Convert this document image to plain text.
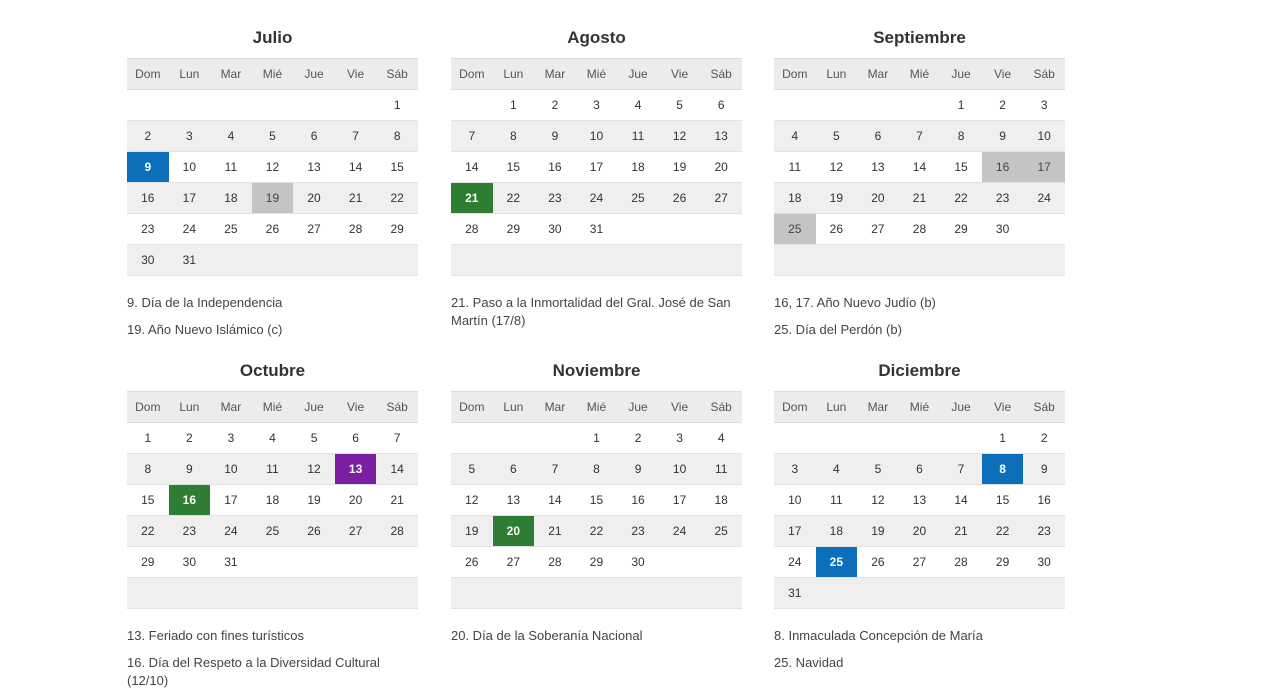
Julio
Dom	Lun	Mar	Mié	Jue	Vie	Sáb
						1
2	3	4	5	6	7	8
9	10	11	12	13	14	15
16	17	18	19	20	21	22
23	24	25	26	27	28	29
30	31					
9. Día de la Independencia
19. Año Nuevo Islámico (c)
Agosto
Dom	Lun	Mar	Mié	Jue	Vie	Sáb
	1	2	3	4	5	6
7	8	9	10	11	12	13
14	15	16	17	18	19	20
21	22	23	24	25	26	27
28	29	30	31			

21. Paso a la Inmortalidad del Gral. José de San Martín (17/8)
Septiembre
Dom	Lun	Mar	Mié	Jue	Vie	Sáb
				1	2	3
4	5	6	7	8	9	10
11	12	13	14	15	16	17
18	19	20	21	22	23	24
25	26	27	28	29	30	

16, 17. Año Nuevo Judío (b)
25. Día del Perdón (b)
Octubre
Dom	Lun	Mar	Mié	Jue	Vie	Sáb
1	2	3	4	5	6	7
8	9	10	11	12	13	14
15	16	17	18	19	20	21
22	23	24	25	26	27	28
29	30	31				

13. Feriado con fines turísticos
16. Día del Respeto a la Diversidad Cultural (12/10)
Noviembre
Dom	Lun	Mar	Mié	Jue	Vie	Sáb
			1	2	3	4
5	6	7	8	9	10	11
12	13	14	15	16	17	18
19	20	21	22	23	24	25
26	27	28	29	30		

20. Día de la Soberanía Nacional
Diciembre
Dom	Lun	Mar	Mié	Jue	Vie	Sáb
					1	2
3	4	5	6	7	8	9
10	11	12	13	14	15	16
17	18	19	20	21	22	23
24	25	26	27	28	29	30
31						
8. Inmaculada Concepción de María
25. Navidad
